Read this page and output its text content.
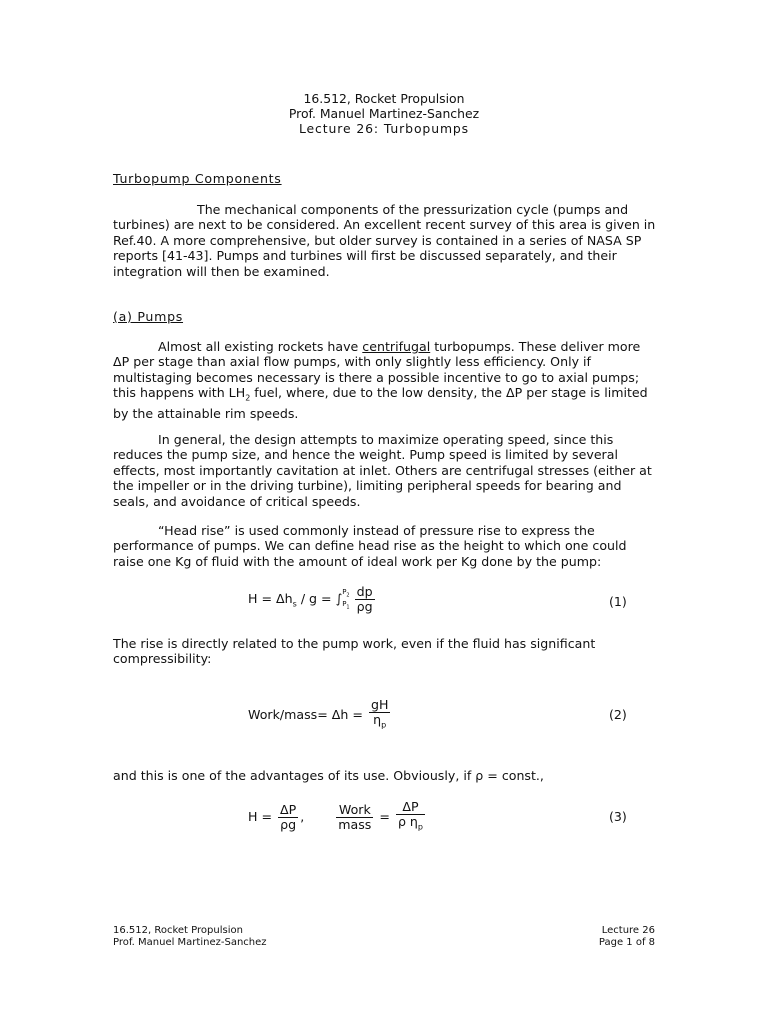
16.512, Rocket Propulsion
Prof. Manuel Martinez-Sanchez
Lecture 26: Turbopumps
Turbopump Components
The mechanical components of the pressurization cycle (pumps and turbines) are next to be considered. An excellent recent survey of this area is given in Ref.40. A more comprehensive, but older survey is contained in a series of NASA SP reports [41-43]. Pumps and turbines will first be discussed separately, and their integration will then be examined.
(a) Pumps
Almost all existing rockets have centrifugal turbopumps. These deliver more
ΔP per stage than axial flow pumps, with only slightly less efficiency. Only if multistaging becomes necessary is there a possible incentive to go to axial pumps; this happens with $LH_2$ fuel, where, due to the low density, the ΔP per stage is limited by the attainable rim speeds.
In general, the design attempts to maximize operating speed, since this reduces the pump size, and hence the weight. Pump speed is limited by several effects, most importantly cavitation at inlet. Others are centrifugal stresses (either at the impeller or in the driving turbine), limiting peripheral speeds for bearing and seals, and avoidance of critical speeds.
“Head rise” is used commonly instead of pressure rise to express the performance of pumps. We can define head rise as the height to which one could raise one Kg of fluid with the amount of ideal work per Kg done by the pump:
$H = \Delta h_s / g$ = ∫ $P_2$
$P_1 \frac{dp}{\rho g}$	(1)
The rise is directly related to the pump work, even if the fluid has significant compressibility:
Work/mass= $\Delta h = \frac{gH}{\eta_p}$	(2)
and this is one of the advantages of its use. Obviously, if ρ = const.,
$H = \frac{\Delta P}{\rho g}$ ,	$\frac{\text{Work}}{\text{mass}} = \frac{\Delta P}{\rho \eta_p}$	(3)
16.512, Rocket Propulsion
Prof. Manuel Martinez-Sanchez
Lecture 26
Page 1 of 8
